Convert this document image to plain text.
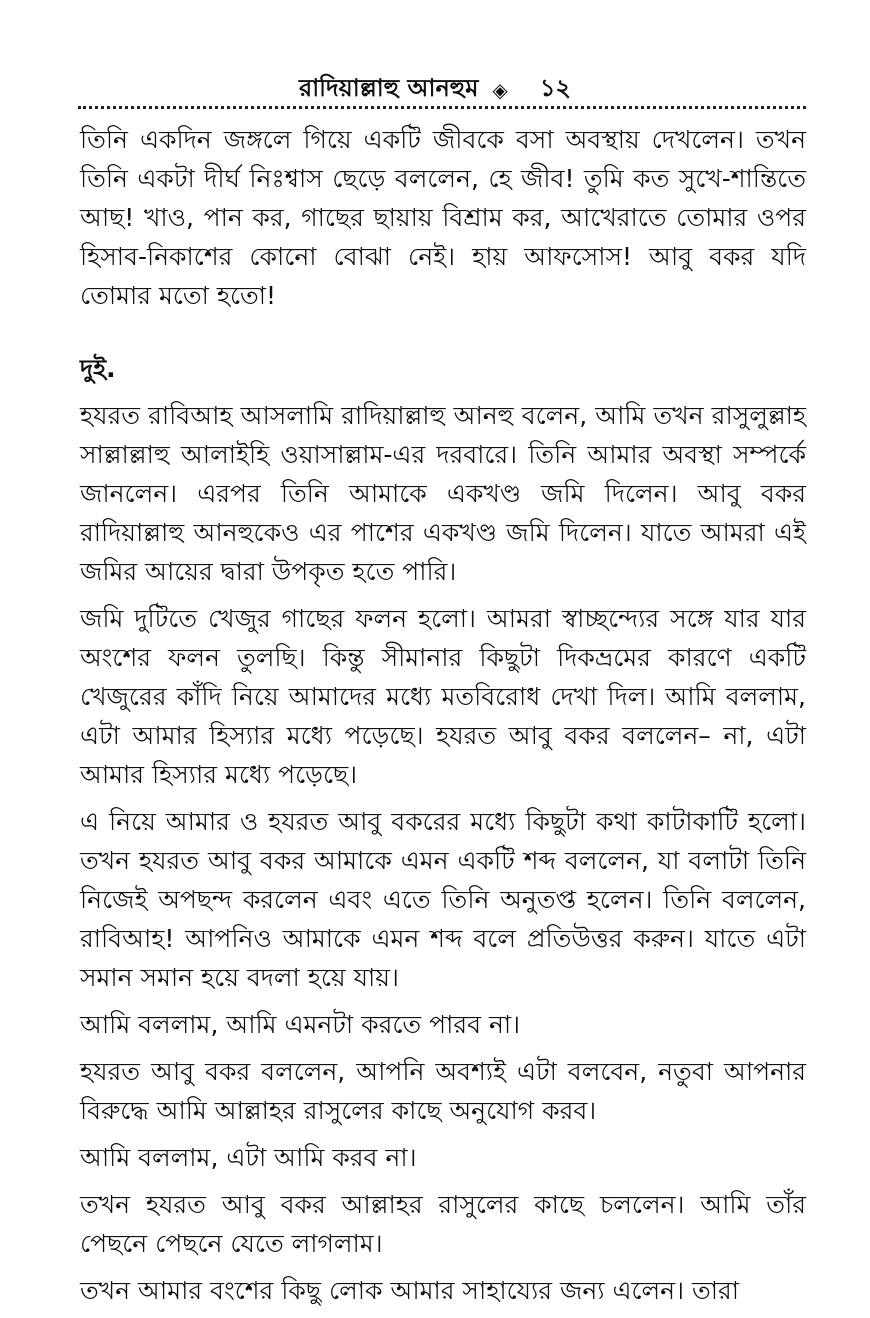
রাদিয়াল্লাহু আনহুম ◈ ১২

তিনি একদিন জঙ্গলে গিয়ে একটি জীবকে বসা অবস্থায় দেখলেন। তখন তিনি একটা দীর্ঘ নিঃশ্বাস ছেড়ে বললেন, হে জীব! তুমি কত সুখে-শান্তিতে আছ! খাও, পান কর, গাছের ছায়ায় বিশ্রাম কর, আখেরাতে তোমার ওপর হিসাব-নিকাশের কোনো বোঝা নেই। হায় আফসোস! আবু বকর যদি তোমার মতো হতো!

দুই.

হযরত রাবিআহ আসলামি রাদিয়াল্লাহু আনহু বলেন, আমি তখন রাসুলুল্লাহ সাল্লাল্লাহু আলাইহি ওয়াসাল্লাম-এর দরবারে। তিনি আমার অবস্থা সম্পর্কে জানলেন। এরপর তিনি আমাকে একখণ্ড জমি দিলেন। আবু বকর রাদিয়াল্লাহু আনহুকেও এর পাশের একখণ্ড জমি দিলেন। যাতে আমরা এই জমির আয়ের দ্বারা উপকৃত হতে পারি।

জমি দুটিতে খেজুর গাছের ফলন হলো। আমরা স্বাচ্ছন্দ্যের সঙ্গে যার যার অংশের ফলন তুলছি। কিন্তু সীমানার কিছুটা দিকভ্রমের কারণে একটি খেজুরের কাঁদি নিয়ে আমাদের মধ্যে মতবিরোধ দেখা দিল। আমি বললাম, এটা আমার হিস্যার মধ্যে পড়েছে। হযরত আবু বকর বললেন– না, এটা আমার হিস্যার মধ্যে পড়েছে।

এ নিয়ে আমার ও হযরত আবু বকরের মধ্যে কিছুটা কথা কাটাকাটি হলো। তখন হযরত আবু বকর আমাকে এমন একটি শব্দ বললেন, যা বলাটা তিনি নিজেই অপছন্দ করলেন এবং এতে তিনি অনুতপ্ত হলেন। তিনি বললেন, রাবিআহ! আপনিও আমাকে এমন শব্দ বলে প্রতিউত্তর করুন। যাতে এটা সমান সমান হয়ে বদলা হয়ে যায়।

আমি বললাম, আমি এমনটা করতে পারব না।

হযরত আবু বকর বললেন, আপনি অবশ্যই এটা বলবেন, নতুবা আপনার বিরুদ্ধে আমি আল্লাহর রাসুলের কাছে অনুযোগ করব।

আমি বললাম, এটা আমি করব না।

তখন হযরত আবু বকর আল্লাহর রাসুলের কাছে চললেন। আমি তাঁর পেছনে পেছনে যেতে লাগলাম।

তখন আমার বংশের কিছু লোক আমার সাহায্যের জন্য এলেন। তারা
